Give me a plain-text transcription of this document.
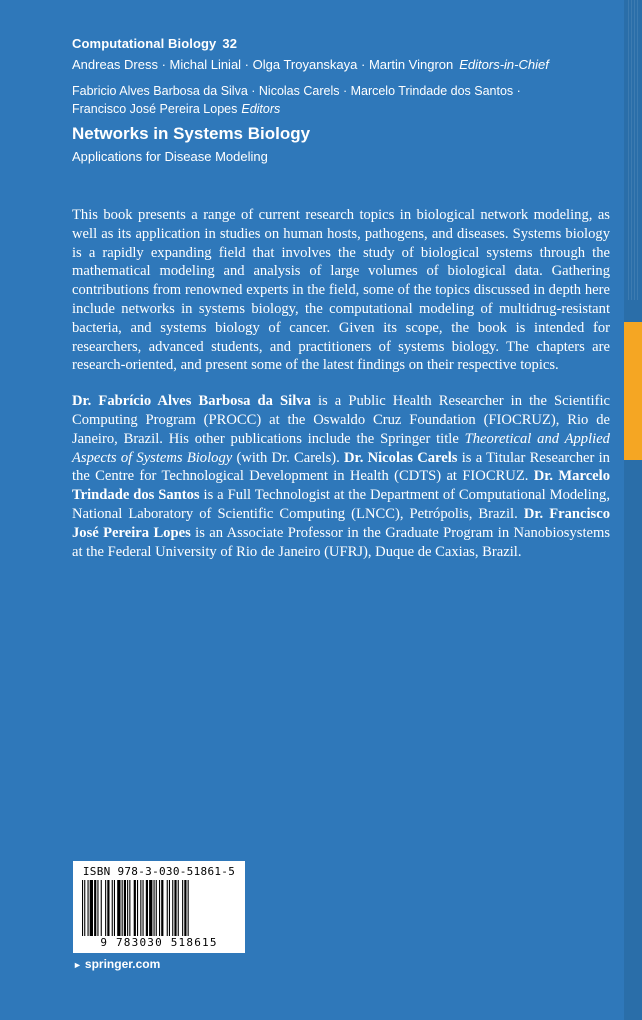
Computational Biology 32
Andreas Dress · Michal Linial · Olga Troyanskaya · Martin Vingron Editors-in-Chief
Fabricio Alves Barbosa da Silva · Nicolas Carels · Marcelo Trindade dos Santos ·
Francisco José Pereira Lopes Editors
Networks in Systems Biology
Applications for Disease Modeling

This book presents a range of current research topics in biological network modeling, as well as its application in studies on human hosts, pathogens, and diseases. Systems biology is a rapidly expanding field that involves the study of biological systems through the mathematical modeling and analysis of large volumes of biological data. Gathering contributions from renowned experts in the field, some of the topics discussed in depth here include networks in systems biology, the computational modeling of multidrug-resistant bacteria, and systems biology of cancer. Given its scope, the book is intended for researchers, advanced students, and practitioners of systems biology. The chapters are research-oriented, and present some of the latest findings on their respective topics.

Dr. Fabrício Alves Barbosa da Silva is a Public Health Researcher in the Scientific Computing Program (PROCC) at the Oswaldo Cruz Foundation (FIOCRUZ), Rio de Janeiro, Brazil. His other publications include the Springer title Theoretical and Applied Aspects of Systems Biology (with Dr. Carels). Dr. Nicolas Carels is a Titular Researcher in the Centre for Technological Development in Health (CDTS) at FIOCRUZ. Dr. Marcelo Trindade dos Santos is a Full Technologist at the Department of Computational Modeling, National Laboratory of Scientific Computing (LNCC), Petrópolis, Brazil. Dr. Francisco José Pereira Lopes is an Associate Professor in the Graduate Program in Nanobiosystems at the Federal University of Rio de Janeiro (UFRJ), Duque de Caxias, Brazil.

ISBN 978-3-030-51861-5
9 783030 518615
► springer.com
